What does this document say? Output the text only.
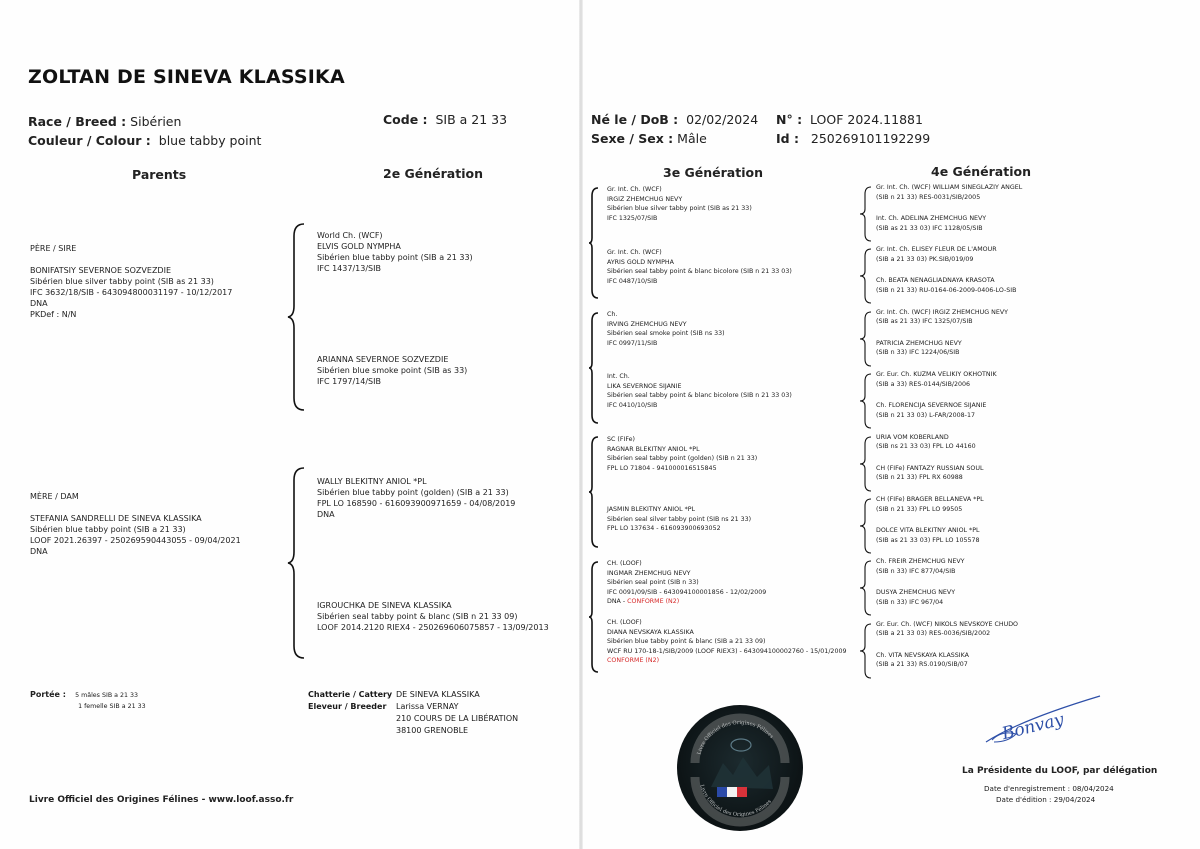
ZOLTAN DE SINEVA KLASSIKA
Race / Breed : Sibérien
Couleur / Colour : blue tabby point
Code : SIB a 21 33	Né le / DoB : 02/02/2024
Sexe / Sex : Mâle
N° : LOOF 2024.11881
Id : 250269101192299
Parents	2e Génération	3e Génération	4e Génération
PÈRE / SIRE
BONIFATSIY SEVERNOE SOZVEZDIE
Sibérien blue silver tabby point (SIB as 21 33)
IFC 3632/18/SIB - 643094800031197 - 10/12/2017
DNA
PKDef : N/N
MÈRE / DAM
STEFANIA SANDRELLI DE SINEVA KLASSIKA
Sibérien blue tabby point (SIB a 21 33)
LOOF 2021.26397 - 250269590443055 - 09/04/2021
DNA
World Ch. (WCF)
ELVIS GOLD NYMPHA
Sibérien blue tabby point (SIB a 21 33)
IFC 1437/13/SIB
ARIANNA SEVERNOE SOZVEZDIE
Sibérien blue smoke point (SIB as 33)
IFC 1797/14/SIB
WALLY BLEKITNY ANIOL *PL
Sibérien blue tabby point (golden) (SIB a 21 33)
FPL LO 168590 - 616093900971659 - 04/08/2019
DNA
IGROUCHKA DE SINEVA KLASSIKA
Sibérien seal tabby point & blanc (SIB n 21 33 09)
LOOF 2014.2120 RIEX4 - 250269606075857 - 13/09/2013
Gr. Int. Ch. (WCF)
IRGIZ ZHEMCHUG NEVY
Sibérien blue silver tabby point (SIB as 21 33)
IFC 1325/07/SIB
Gr. Int. Ch. (WCF)
AYRIS GOLD NYMPHA
Sibérien seal tabby point & blanc bicolore (SIB n 21 33 03)
IFC 0487/10/SIB
Ch.
IRVING ZHEMCHUG NEVY
Sibérien seal smoke point (SIB ns 33)
IFC 0997/11/SIB
Int. Ch.
LIKA SEVERNOE SIJANIE
Sibérien seal tabby point & blanc bicolore (SIB n 21 33 03)
IFC 0410/10/SIB
SC (FIFe)
RAGNAR BLEKITNY ANIOL *PL
Sibérien seal tabby point (golden) (SIB n 21 33)
FPL LO 71804 - 941000016515845
JASMIN BLEKITNY ANIOL *PL
Sibérien seal silver tabby point (SIB ns 21 33)
FPL LO 137634 - 616093900693052
CH. (LOOF)
INGMAR ZHEMCHUG NEVY
Sibérien seal point (SIB n 33)
IFC 0091/09/SIB - 643094100001856 - 12/02/2009
DNA - CONFORME (N2)
CH. (LOOF)
DIANA NEVSKAYA KLASSIKA
Sibérien blue tabby point & blanc (SIB a 21 33 09)
WCF RU 170-18-1/SIB/2009 (LOOF RIEX3) - 643094100002760 - 15/01/2009
CONFORME (N2)
Gr. Int. Ch. (WCF) WILLIAM SINEGLAZIY ANGEL
(SIB n 21 33) RES-0031/SIB/2005
Int. Ch. ADELINA ZHEMCHUG NEVY
(SIB as 21 33 03) IFC 1128/05/SIB
Gr. Int. Ch. ELISEY FLEUR DE L'AMOUR
(SIB a 21 33 03) PK.SIB/019/09
Ch. BEATA NENAGLIADNAYA KRASOTA
(SIB n 21 33) RU-0164-06-2009-0406-LO-SIB
Gr. Int. Ch. (WCF) IRGIZ ZHEMCHUG NEVY
(SIB as 21 33) IFC 1325/07/SIB
PATRICIA ZHEMCHUG NEVY
(SIB n 33) IFC 1224/06/SIB
Gr. Eur. Ch. KUZMA VELIKIY OKHOTNIK
(SIB a 33) RES-0144/SIB/2006
Ch. FLORENCIJA SEVERNOE SIJANIE
(SIB n 21 33 03) L-FAR/2008-17
URIA VOM KOBERLAND
(SIB ns 21 33 03) FPL LO 44160
CH (FIFe) FANTAZY RUSSIAN SOUL
(SIB n 21 33) FPL RX 60988
CH (FIFe) BRAGER BELLANEVA *PL
(SIB n 21 33) FPL LO 99505
DOLCE VITA BLEKITNY ANIOL *PL
(SIB as 21 33 03) FPL LO 105578
Ch. FREIR ZHEMCHUG NEVY
(SIB n 33) IFC 877/04/SIB
DUSYA ZHEMCHUG NEVY
(SIB n 33) IFC 967/04
Gr. Eur. Ch. (WCF) NIKOLS NEVSKOYE CHUDO
(SIB a 21 33 03) RES-0036/SIB/2002
Ch. VITA NEVSKAYA KLASSIKA
(SIB a 21 33) RS.0190/SIB/07
$^{Portée :}$ 5 mâles SIB a 21 33
1 femelle SIB a 21 33
Chatterie / Cattery
Eleveur / Breeder
DE SINEVA KLASSIKA
Larissa VERNAY
210 COURS DE LA LIBÉRATION
38100 GRENOBLE
Livre Officiel des Origines Félines - www.loof.asso.fr
Livre Officiel des Origines Félines
Livre Officiel des Origines Félines
Bonvay
La Présidente du LOOF, par délégation
Date d'enregistrement : 08/04/2024
Date d'édition : 29/04/2024
